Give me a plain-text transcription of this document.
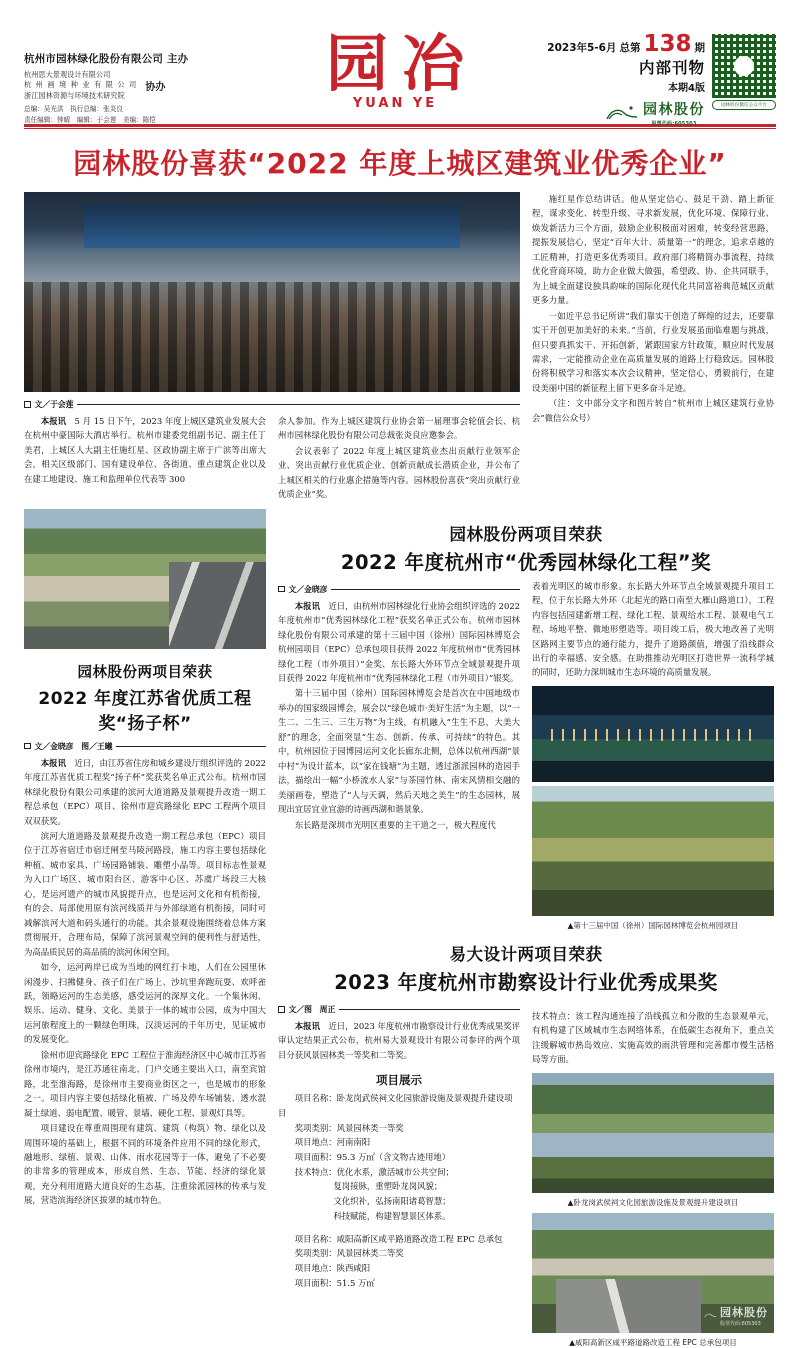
杭州市园林绿化股份有限公司 主办
杭州思大景观设计有限公司
杭 州 画 境 种 业 有 限 公 司
浙江园林资源与环境技术研究院
协办
总编：吴光洪　执行总编：张炎良
责任编辑：钟晴　编辑：于会莲　美编：陈恺
园冶
YUAN YE
2023年5-6月 总第 138 期
内部刊物
本期4版
园林股份
股票代码:605303
园林股份微信公众平台
园林股份喜获“2022 年度上城区建筑业优秀企业”
文／于会莲

本报讯　5 月 15 日下午，2023 年度上城区建筑业发展大会在杭州中豪国际大酒店举行。杭州市建委党组副书记、副主任丁美君，上城区人大副主任施红星、区政协副主席于广滨等出席大会，相关区级部门、国有建设单位、各街道、重点建筑企业以及在建工地建设、施工和监理单位代表等 300

余人参加。作为上城区建筑行业协会第一届理事会轮值会长、杭州市园林绿化股份有限公司总裁张炎良应邀参会。

会议表彰了 2022 年度上城区建筑业杰出贡献行业领军企业、突出贡献行业优质企业、创新贡献成长潜质企业，并公布了上城区相关的行业惠企措施等内容。园林股份喜获“突出贡献行业优质企业”奖。

施红星作总结讲话。他从坚定信心、鼓足干劲、踏上新征程，谋求变化、转型升级、寻求新发展，优化环境、保障行业、焕发新活力三个方面，鼓励企业积极面对困难，转变经营思路，提振发展信心，坚定“百年大计、质量第一”的理念，追求卓越的工匠精神，打造更多优秀项目。政府部门将精简办事流程，持续优化营商环境，助力企业做大做强，希望政、协、企共同联手，为上城全面建设独具韵味的国际化现代化共同富裕典范城区贡献更多力量。

一如近平总书记所讲“我们靠实干创造了辉煌的过去，还要靠实干开创更加美好的未来。”当前，行业发展虽面临难题与挑战，但只要真抓实干、开拓创新，紧跟国家方针政策，顺应时代发展需求，一定能推动企业在高质量发展的道路上行稳致远。园林股份将积极学习和落实本次会议精神，坚定信心，勇毅前行，在建设美丽中国的新征程上留下更多奋斗足迹。

（注：文中部分文字和图片转自“杭州市上城区建筑行业协会”微信公众号）

园林股份两项目荣获
2022 年度江苏省优质工程奖“扬子杯”
文／金晓彦　图／王曦

本报讯　近日，由江苏省住房和城乡建设厅组织评选的 2022 年度江苏省优质工程奖“扬子杯”奖获奖名单正式公布。杭州市园林绿化股份有限公司承建的滨河大道道路及景观提升改造一期工程总承包（EPC）项目、徐州市迎宾路绿化 EPC 工程两个项目双双获奖。

滨河大道道路及景观提升改造一期工程总承包（EPC）项目位于江苏省宿迁市宿迁闸至马陵河路段，施工内容主要包括绿化种植、城市家具、广场园路铺装、雕塑小品等。项目标志性景观为入口广场区、城市阳台区、游客中心区、苏虞广场段三大核心，是运河遗产的城市风貌提升点，也是运河文化和有机衔接，有的会、局部使用原有滨河线质并与外部绿道有机衔接，同时可减解滨河大道和码头通行的功能。其余景观设施围绕着总体方案贯彻展开，合理布局，保障了滨河景观空间的便利性与舒适性，为高品质民居的高品质的滨河休闲空间。

如今，运河两岸已成为当地的网红打卡地，人们在公园里休闲漫步、扫拂健身、孩子们在广场上、沙坑里奔跑玩耍、欢呼雀跃，领略运河的生态美感，感受运河的深厚文化。一个集休闲、娱乐、运动、健身、文化、美景于一体的城市公园，成为中国大运河旅程度上的一颗绿色明珠，汉淡运河的千年历史，见证城市的发展变化。

徐州市迎宾路绿化 EPC 工程位于淮海经济区中心城市江苏省徐州市境内，是江苏通往南北、门户交通主要出入口，南至宾馆路，北至淮海路，是徐州市主要商业街区之一，也是城市的形象之一。项目内容主要包括绿化植被、广场及停车场铺装、透水混凝土绿道、弱电配置、暖管、景墙、硬化工程、景观灯具等。

项目建设在尊重周围现有建筑、建筑（构筑）物、绿化以及周围环境的基础上，根据不同的环境条件应用不同的绿化形式，融地形、绿植、景观、山体、雨水花园等于一体，避免了不必要的非常多的管理成本，形成自然、生态、节能、经济的绿化景观，充分利用道路大道良好的生态基，注重徐派园林的传承与发展，营造滨海经济区拔翠的城市特色。

园林股份两项目荣获
2022 年度杭州市“优秀园林绿化工程”奖
文／金晓彦

本报讯　近日，由杭州市园林绿化行业协会组织评选的 2022 年度杭州市“优秀园林绿化工程”获奖名单正式公布。杭州市园林绿化股份有限公司承建的第十三届中国（徐州）国际园林博览会杭州园项目（EPC）总承包项目获得 2022 年度杭州市“优秀园林绿化工程（市外项目）”金奖、东长路大外环节点全域景观提升项目获得 2022 年度杭州市“优秀园林绿化工程（市外项目）”银奖。

第十三届中国（徐州）国际园林博览会是首次在中国地级市举办的国家级园博会，展会以“绿色城市·美好生活”为主题，以“一生二、二生三、三生万物”为主线，有机融入“生生不息，大美大舒”的理念，全面突显“生态、创新、传承、可持续”的特色。其中，杭州园位于园博园运河文化长廊东北侧，总体以杭州西湖“景中村”为设计蓝本，以“家在钱塘”为主题，透过浙派园林的造园手法，描绘出一幅“小桥流水人家”与茶园竹林、南宋风情相交融的美丽画卷，塑造了“人与天调，然后天地之美生”的生态园林，展现出宜居宜业宜游的诗画西湖和谐景象。

东长路是深圳市光明区重要的主干道之一，极大程度代

表着光明区的城市形象。东长路大外环节点全域景观提升项目工程，位于东长路大外环（北起光的路口南至大雁山路道口），工程内容包括园建新增工程、绿化工程、景观给水工程、景观电气工程、场地平整、微地形塑造等。项目竣工后，极大地改善了光明区路网主要节点的通行能力，提升了道路颜值，增强了沿线群众出行的幸福感、安全感。在助推推动光明区打造世界一流科学城的同时，还助力深圳城市生态环境的高质量发展。

▲第十三届中国（徐州）国际园林博览会杭州园项目
易大设计两项目荣获
2023 年度杭州市勘察设计行业优秀成果奖
文／图　周正

本报讯　近日，2023 年度杭州市勘察设计行业优秀成果奖评审认定结果正式公布，杭州易大景观设计有限公司参评的两个项目分获风景园林类一等奖和二等奖。

项目展示
项目名称：卧龙岗武侯祠文化园旅游设施及景观提升建设项目
奖项类别：风景园林类一等奖
项目地点：河南南阳
项目面积：95.3 万㎡（含文物古迹用地）
技术特点：优化水系，激活城市公共空间；
复岗接脉，重塑卧龙岗风貌；
文化织补，弘扬南阳诸葛智慧；
科技赋能，构建智慧景区体系。
项目名称：咸阳高新区咸平路道路改造工程 EPC 总承包
奖项类别：风景园林类二等奖
项目地点：陕西咸阳
项目面积：51.5 万㎡

技术特点：该工程沟通连接了沿线孤立和分散的生态景观单元，有机构建了区域城市生态网络体系，在低碳生态视角下，重点关注缓解城市热岛效应、实施高效的雨洪管理和完善都市慢生活格局等方面。

▲卧龙岗武侯祠文化园旅游设施及景观提升建设项目
园林股份
股票代码:605303
▲咸阳高新区咸平路道路改造工程 EPC 总承包项目
